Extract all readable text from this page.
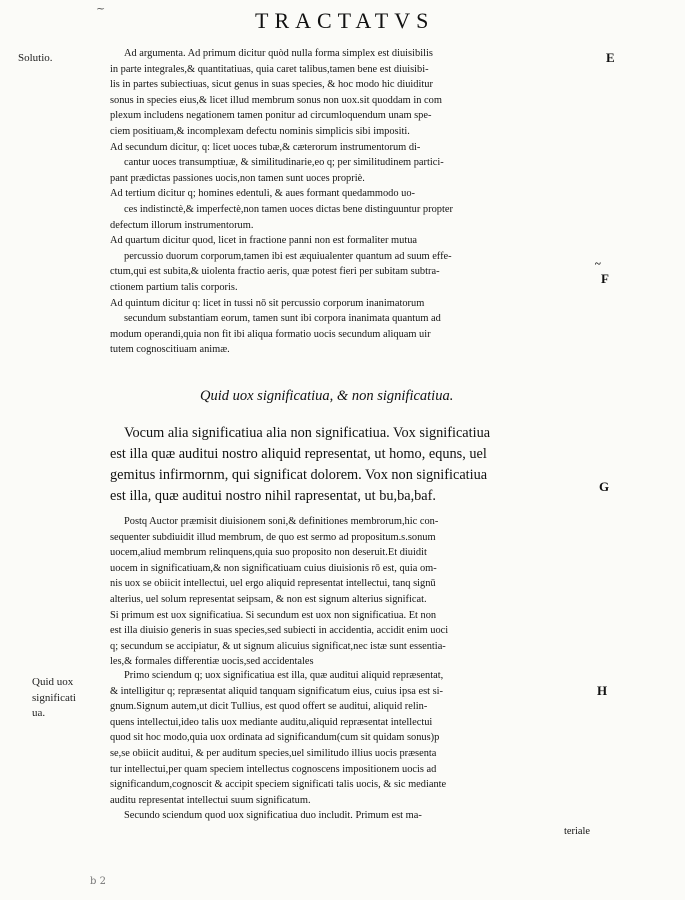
~	TRACTATVS
Solutio.	E
~
F
G
Quid uox
significati
ua.
H
Ad argumenta. Ad primum dicitur quòd nulla forma simplex est diuisibilis
in parte integrales,& quantitatiuas, quia caret talibus,tamen bene est diuisibi-
lis in partes subiectiuas, sicut genus in suas species, & hoc modo hic diuiditur
sonus in species eius,& licet illud membrum sonus non uox.sit quoddam in com
plexum includens negationem tamen ponitur ad circumloquendum unam spe-
ciem positiuam,& incomplexam defectu nominis simplicis sibi impositi.
Ad secundum dicitur, q: licet uoces tubæ,& cæterorum instrumentorum di-
cantur uoces transumptiuæ, & similitudinarie,eo q; per similitudinem partici-
pant prædictas passiones uocis,non tamen sunt uoces propriè.
Ad tertium dicitur q; homines edentuli, & aues formant quedammodo uo-
ces indistinctè,& imperfectè,non tamen uoces dictas bene distinguuntur propter
defectum illorum instrumentorum.
Ad quartum dicitur quod, licet in fractione panni non est formaliter mutua
percussio duorum corporum,tamen ibi est æquiualenter quantum ad suum effe-
ctum,qui est subita,& uiolenta fractio aeris, quæ potest fieri per subitam subtra-
ctionem partium talis corporis.
Ad quintum dicitur q: licet in tussi nō sit percussio corporum inanimatorum
secundum substantiam eorum, tamen sunt ibi corpora inanimata quantum ad
modum operandi,quia non fit ibi aliqua formatio uocis secundum aliquam uir
tutem cognoscitiuam animæ.
Quid uox significatiua, & non significatiua.
Vocum alia significatiua alia non significatiua. Vox significatiua
est illa quæ auditui nostro aliquid representat, ut homo, equns, uel
gemitus infirmornm, qui significat dolorem. Vox non significatiua
est illa, quæ auditui nostro nihil rapresentat, ut bu,ba,baf.
Postq Auctor præmisit diuisionem soni,& definitiones membrorum,hic con-
sequenter subdiuidit illud membrum, de quo est sermo ad propositum.s.sonum
uocem,aliud membrum relinquens,quia suo proposito non deseruit.Et diuidit
uocem in significatiuam,& non significatiuam cuius diuisionis rō est, quia om-
nis uox se obiicit intellectui, uel ergo aliquid representat intellectui, tanq signū
alterius, uel solum representat seipsam, & non est signum alterius significat.
Si primum est uox significatiua. Si secundum est uox non significatiua. Et non
est illa diuisio generis in suas species,sed subiecti in accidentia, accidit enim uoci
q; secundum se accipiatur, & ut signum alicuius significat,nec istæ sunt essentia-
les,& formales differentiæ uocis,sed accidentales
Primo sciendum q; uox significatiua est illa, quæ auditui aliquid repræsentat,
& intelligitur q; repræsentat aliquid tanquam significatum eius, cuius ipsa est si-
gnum.Signum autem,ut dicit Tullius, est quod offert se auditui, aliquid relin-
quens intellectui,ideo talis uox mediante auditu,aliquid repræsentat intellectui
quod sit hoc modo,quia uox ordinata ad significandum(cum sit quidam sonus)p
se,se obiicit auditui, & per auditum species,uel similitudo illius uocis præsenta
tur intellectui,per quam speciem intellectus cognoscens impositionem uocis ad
significandum,cognoscit & accipit speciem significati talis uocis, & sic mediante
auditu representat intellectui suum significatum.
Secundo sciendum quod uox significatiua duo includit. Primum est ma-
teriale
b 2
